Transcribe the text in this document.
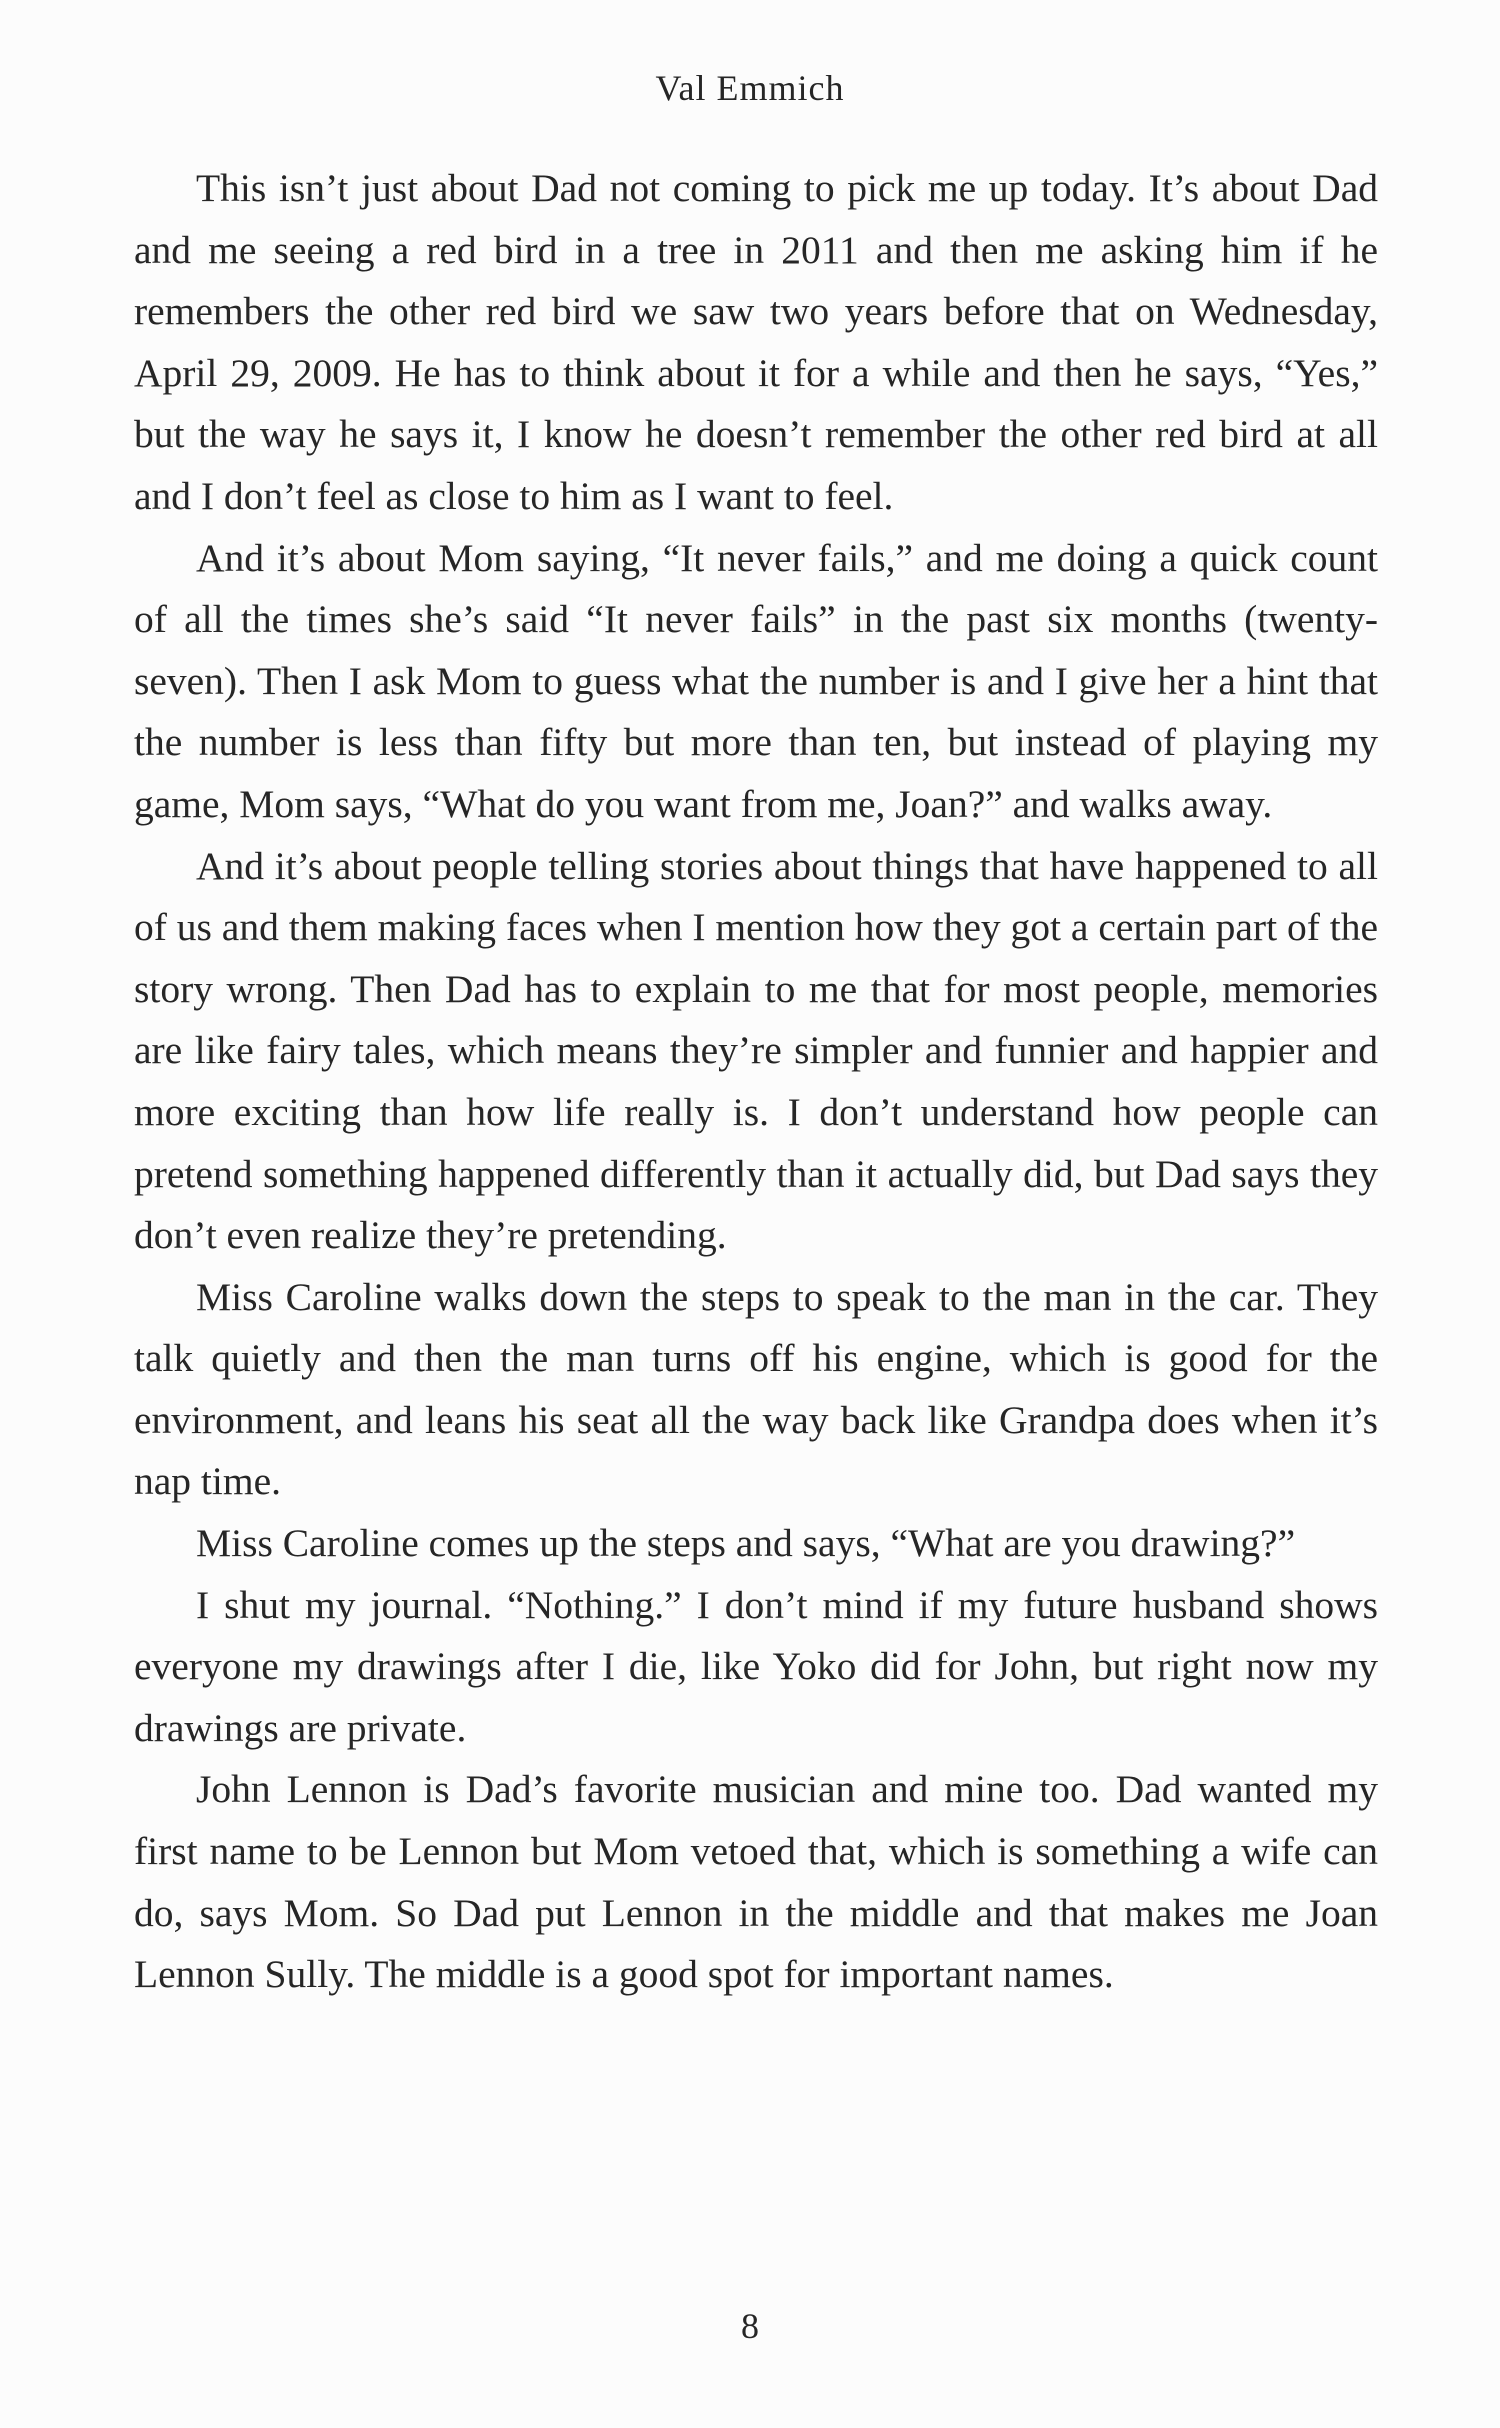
Val Emmich

This isn’t just about Dad not coming to pick me up today. It’s about Dad and me seeing a red bird in a tree in 2011 and then me asking him if he remembers the other red bird we saw two years before that on Wednesday, April 29, 2009. He has to think about it for a while and then he says, “Yes,” but the way he says it, I know he doesn’t remember the other red bird at all and I don’t feel as close to him as I want to feel.

And it’s about Mom saying, “It never fails,” and me doing a quick count of all the times she’s said “It never fails” in the past six months (twenty-seven). Then I ask Mom to guess what the number is and I give her a hint that the number is less than fifty but more than ten, but instead of playing my game, Mom says, “What do you want from me, Joan?” and walks away.

And it’s about people telling stories about things that have happened to all of us and them making faces when I mention how they got a certain part of the story wrong. Then Dad has to explain to me that for most people, memories are like fairy tales, which means they’re simpler and funnier and happier and more exciting than how life really is. I don’t understand how people can pretend something happened differently than it actually did, but Dad says they don’t even realize they’re pretending.

Miss Caroline walks down the steps to speak to the man in the car. They talk quietly and then the man turns off his engine, which is good for the environment, and leans his seat all the way back like Grandpa does when it’s nap time.

Miss Caroline comes up the steps and says, “What are you drawing?”

I shut my journal. “Nothing.” I don’t mind if my future husband shows everyone my drawings after I die, like Yoko did for John, but right now my drawings are private.

John Lennon is Dad’s favorite musician and mine too. Dad wanted my first name to be Lennon but Mom vetoed that, which is something a wife can do, says Mom. So Dad put Lennon in the middle and that makes me Joan Lennon Sully. The middle is a good spot for important names.

8
